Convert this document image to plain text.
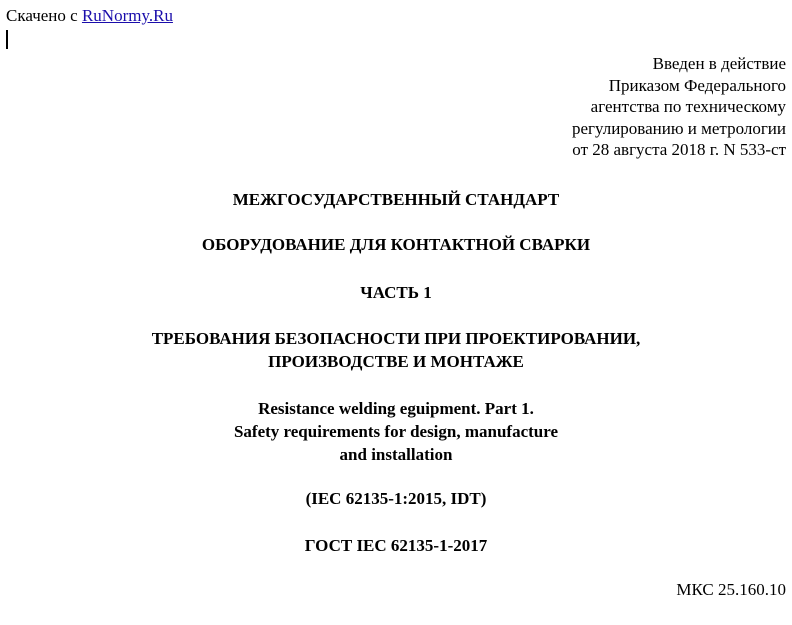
Скачено с RuNormy.Ru
Введен в действие
Приказом Федерального
агентства по техническому
регулированию и метрологии
от 28 августа 2018 г. N 533-ст
МЕЖГОСУДАРСТВЕННЫЙ СТАНДАРТ
ОБОРУДОВАНИЕ ДЛЯ КОНТАКТНОЙ СВАРКИ
ЧАСТЬ 1
ТРЕБОВАНИЯ БЕЗОПАСНОСТИ ПРИ ПРОЕКТИРОВАНИИ,
ПРОИЗВОДСТВЕ И МОНТАЖЕ
Resistance welding eguipment. Part 1.
Safety requirements for design, manufacture
and installation
(IEC 62135-1:2015, IDT)
ГОСТ IEC 62135-1-2017
МКС 25.160.10
